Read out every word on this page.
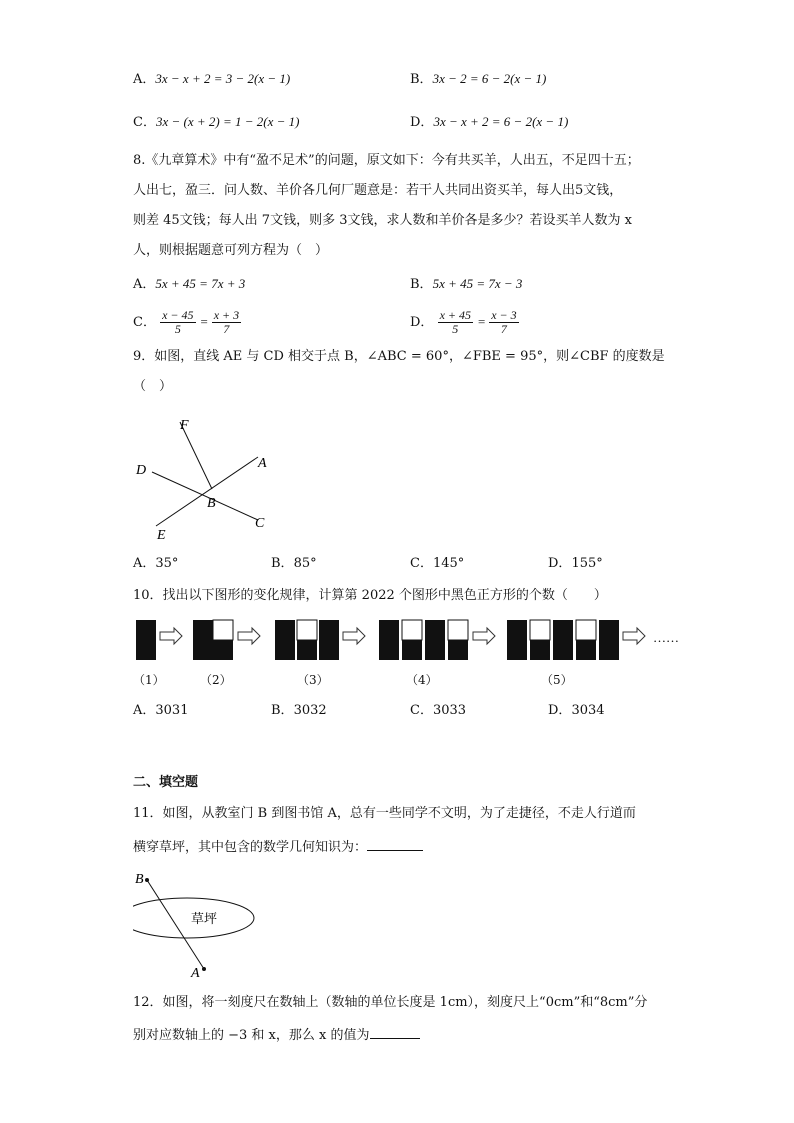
A．3x − x + 2 = 3 − 2(x − 1)	B．3x − 2 = 6 − 2(x − 1)
C．3x − (x + 2) = 1 − 2(x − 1)	D．3x − x + 2 = 6 − 2(x − 1)
8.《九章算术》中有“盈不足术”的问题，原文如下：今有共买羊，人出五，不足四十五；
人出七，盈三．问人数、羊价各几何厂题意是：若干人共同出资买羊，每人出5文钱，
则差 45文钱；每人出 7文钱，则多 3文钱，求人数和羊价各是多少？若设买羊人数为 x
人，则根据题意可列方程为（　）
A．5x + 45 = 7x + 3	B．5x + 45 = 7x − 3
C． $\frac{x - 45}{5} = \frac{x + 3}{7}$	D． $\frac{x + 45}{5} = \frac{x - 3}{7}$
9．如图，直线 AE 与 CD 相交于点 B，∠ABC = 60°，∠FBE = 95°，则∠CBF 的度数是
（　）
F
D	A
B
E
C
A．35°	B．85°	C．145°	D．155°
10．找出以下图形的变化规律，计算第 2022 个图形中黑色正方形的个数（　　）
……
（1）	（2）	（3）	（4）	（5）
A．3031	B．3032	C．3033	D．3034
二、填空题
11．如图，从教室门 B 到图书馆 A，总有一些同学不文明，为了走捷径，不走人行道而
横穿草坪，其中包含的数学几何知识为：
B
A
草坪
12．如图，将一刻度尺在数轴上（数轴的单位长度是 1cm），刻度尺上“0cm”和“8cm”分
别对应数轴上的 −3 和 x，那么 x 的值为
